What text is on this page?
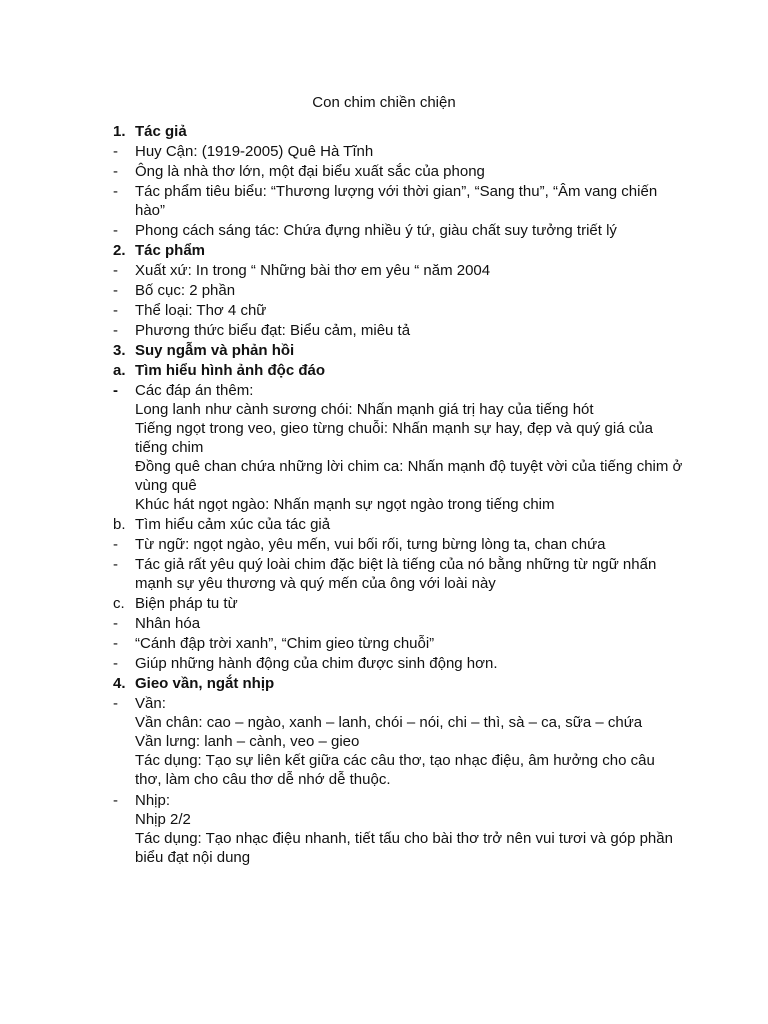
Con chim chiền chiện
1. Tác giả
-	Huy Cận: (1919-2005) Quê Hà Tĩnh
-	Ông là nhà thơ lớn, một đại biểu xuất sắc của phong
-	Tác phẩm tiêu biểu: “Thương lượng với thời gian”, “Sang thu”, “Âm vang chiến hào”
-	Phong cách sáng tác: Chứa đựng nhiều ý tứ, giàu chất suy tưởng triết lý
2. Tác phẩm
-	Xuất xứ: In trong “ Những bài thơ em yêu “ năm 2004
-	Bố cục: 2 phần
-	Thể loại: Thơ 4 chữ
-	Phương thức biểu đạt: Biểu cảm, miêu tả
3. Suy ngẫm và phản hồi
a. Tìm hiểu hình ảnh độc đáo
-	Các đáp án thêm:
Long lanh như cành sương chói: Nhấn mạnh giá trị hay của tiếng hót
Tiếng ngọt trong veo, gieo từng chuỗi: Nhấn mạnh sự hay, đẹp và quý giá của tiếng chim
Đồng quê chan chứa những lời chim ca: Nhấn mạnh độ tuyệt vời của tiếng chim ở vùng quê
Khúc hát ngọt ngào: Nhấn mạnh sự ngọt ngào trong tiếng chim
b. Tìm hiểu cảm xúc của tác giả
-	Từ ngữ: ngọt ngào, yêu mến, vui bối rối, tưng bừng lòng ta, chan chứa
-	Tác giả rất yêu quý loài chim đặc biệt là tiếng của nó bằng những từ ngữ nhấn mạnh sự yêu thương và quý mến của ông với loài này
c. Biện pháp tu từ
-	Nhân hóa
-	“Cánh đập trời xanh”, “Chim gieo từng chuỗi”
-	Giúp những hành động của chim được sinh động hơn.
4. Gieo vần, ngắt nhịp
-	Vần:
Vần chân: cao – ngào, xanh – lanh, chói – nói, chi – thì, sà – ca, sữa – chứa
Vần lưng: lanh – cành, veo – gieo
Tác dụng: Tạo sự liên kết giữa các câu thơ, tạo nhạc điệu, âm hưởng cho câu thơ, làm cho câu thơ dễ nhớ dễ thuộc.
-	Nhịp:
Nhịp 2/2
Tác dụng: Tạo nhạc điệu nhanh, tiết tấu cho bài thơ trở nên vui tươi và góp phần biểu đạt nội dung
